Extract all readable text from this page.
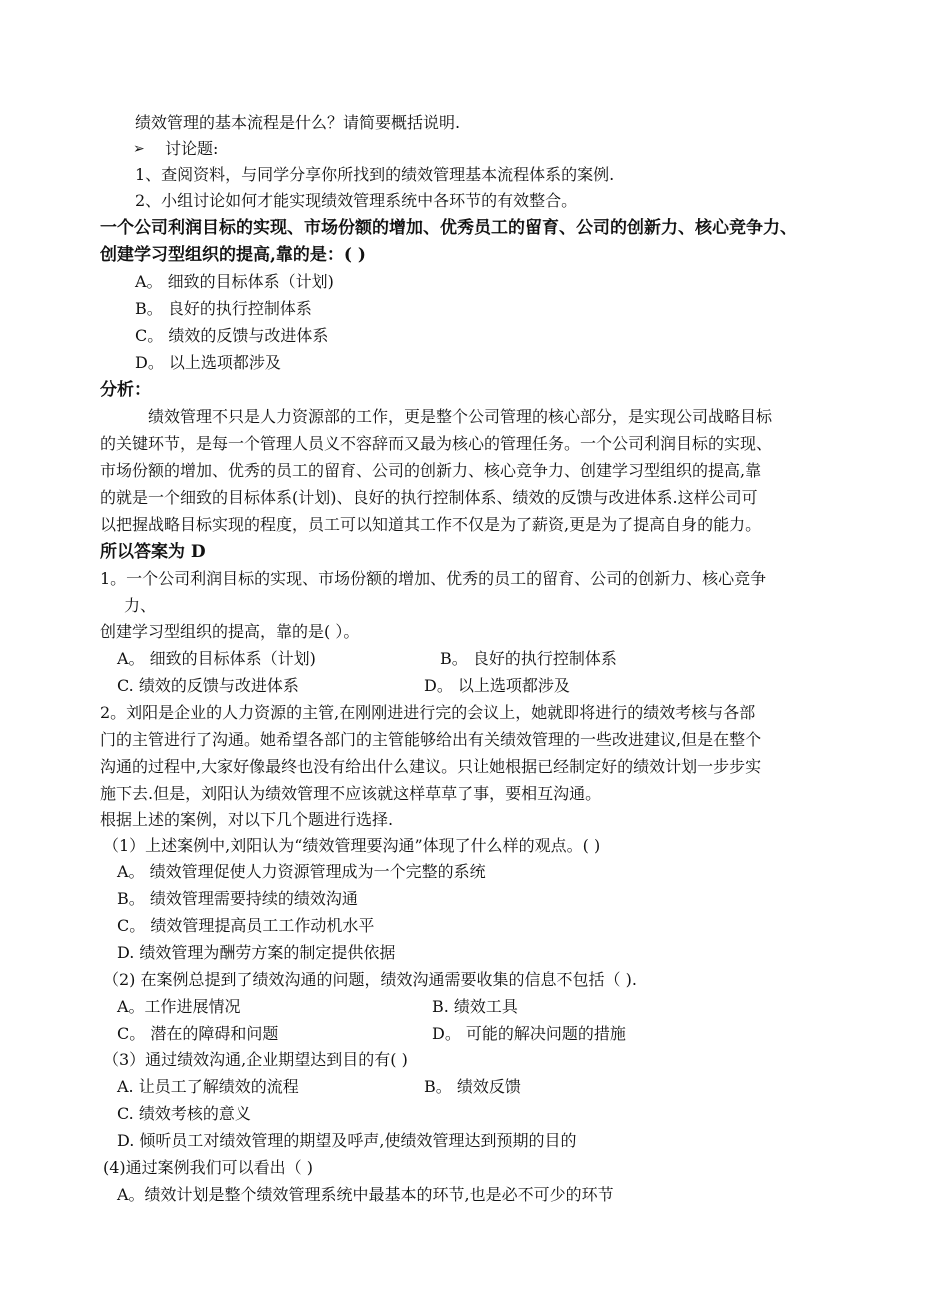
绩效管理的基本流程是什么？请简要概括说明.
➢ 讨论题:
1、查阅资料，与同学分享你所找到的绩效管理基本流程体系的案例.
2、小组讨论如何才能实现绩效管理系统中各环节的有效整合。
一个公司利润目标的实现、市场份额的增加、优秀员工的留育、公司的创新力、核心竞争力、
创建学习型组织的提高,靠的是：( )
A。 细致的目标体系（计划)
B。 良好的执行控制体系
C。 绩效的反馈与改进体系
D。 以上选项都涉及
分析：
绩效管理不只是人力资源部的工作，更是整个公司管理的核心部分，是实现公司战略目标
的关键环节，是每一个管理人员义不容辞而又最为核心的管理任务。一个公司利润目标的实现、
市场份额的增加、优秀的员工的留育、公司的创新力、核心竞争力、创建学习型组织的提高,靠
的就是一个细致的目标体系(计划)、良好的执行控制体系、绩效的反馈与改进体系.这样公司可
以把握战略目标实现的程度，员工可以知道其工作不仅是为了薪资,更是为了提高自身的能力。
所以答案为 D
1。一个公司利润目标的实现、市场份额的增加、优秀的员工的留育、公司的创新力、核心竞争
力、
创建学习型组织的提高，靠的是( ）。
A。 细致的目标体系（计划)	B。 良好的执行控制体系
C. 绩效的反馈与改进体系	D。 以上选项都涉及
2。刘阳是企业的人力资源的主管,在刚刚进进行完的会议上，她就即将进行的绩效考核与各部
门的主管进行了沟通。她希望各部门的主管能够给出有关绩效管理的一些改进建议,但是在整个
沟通的过程中,大家好像最终也没有给出什么建议。只让她根据已经制定好的绩效计划一步步实
施下去.但是，刘阳认为绩效管理不应该就这样草草了事，要相互沟通。
根据上述的案例，对以下几个题进行选择.
（1）上述案例中,刘阳认为“绩效管理要沟通”体现了什么样的观点。( )
A。 绩效管理促使人力资源管理成为一个完整的系统
B。 绩效管理需要持续的绩效沟通
C。 绩效管理提高员工工作动机水平
D. 绩效管理为酬劳方案的制定提供依据
（2) 在案例总提到了绩效沟通的问题，绩效沟通需要收集的信息不包括（ ).
A。工作进展情况	B. 绩效工具
C。 潜在的障碍和问题	D。 可能的解决问题的措施
（3）通过绩效沟通,企业期望达到目的有( )
A. 让员工了解绩效的流程	B。 绩效反馈
C. 绩效考核的意义
D. 倾听员工对绩效管理的期望及呼声,使绩效管理达到预期的目的
(4)通过案例我们可以看出（ )
A。绩效计划是整个绩效管理系统中最基本的环节,也是必不可少的环节
